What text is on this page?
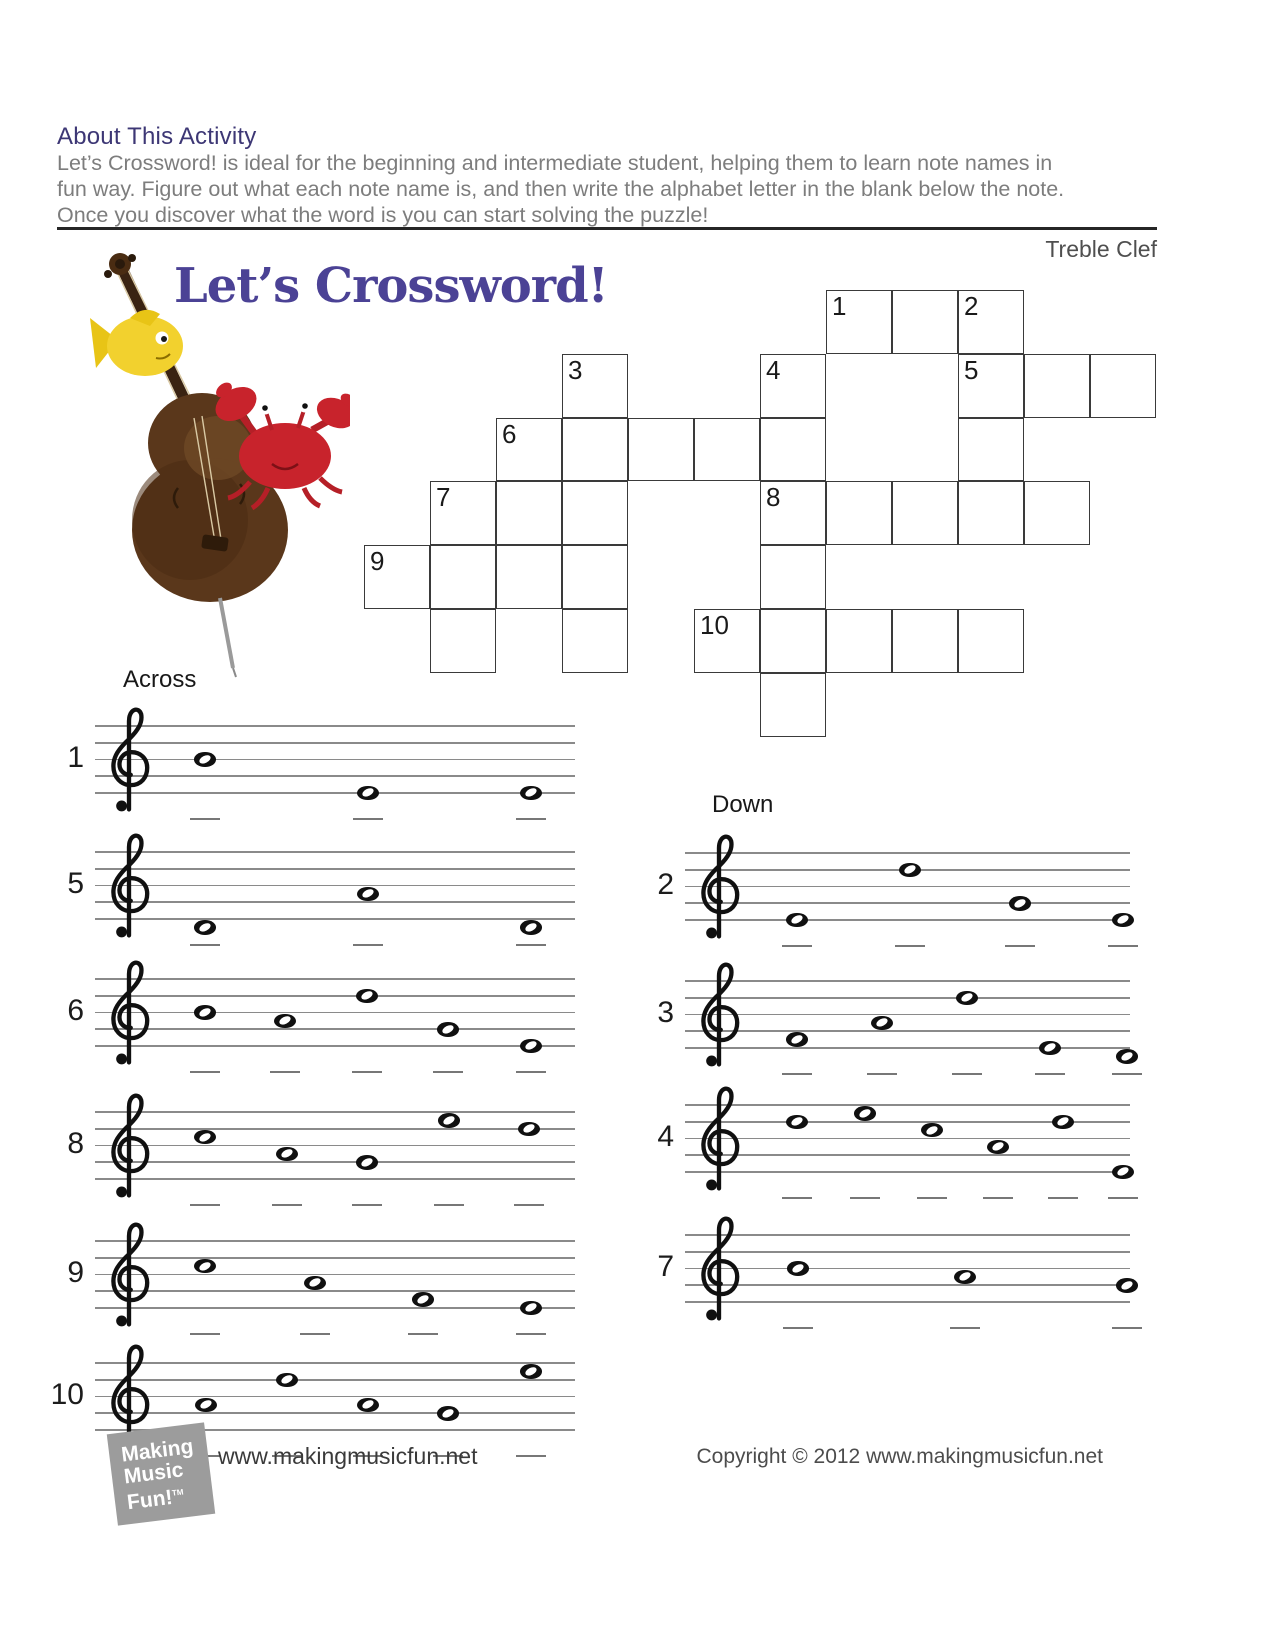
About This Activity
Let’s Crossword! is ideal for the beginning and intermediate student, helping them to learn note names in
fun way. Figure out what each note name is, and then write the alphabet letter in the blank below the note.
Once you discover what the word is you can start solving the puzzle!
Treble Clef
Let’s Crossword!	1	2
3	4	5
6
7	8
9
10
Across
Down
1
5
6
8
9
10
2
3
4
7
Making
Music
Fun!™
www.makingmusicfun.net	Copyright © 2012 www.makingmusicfun.net
